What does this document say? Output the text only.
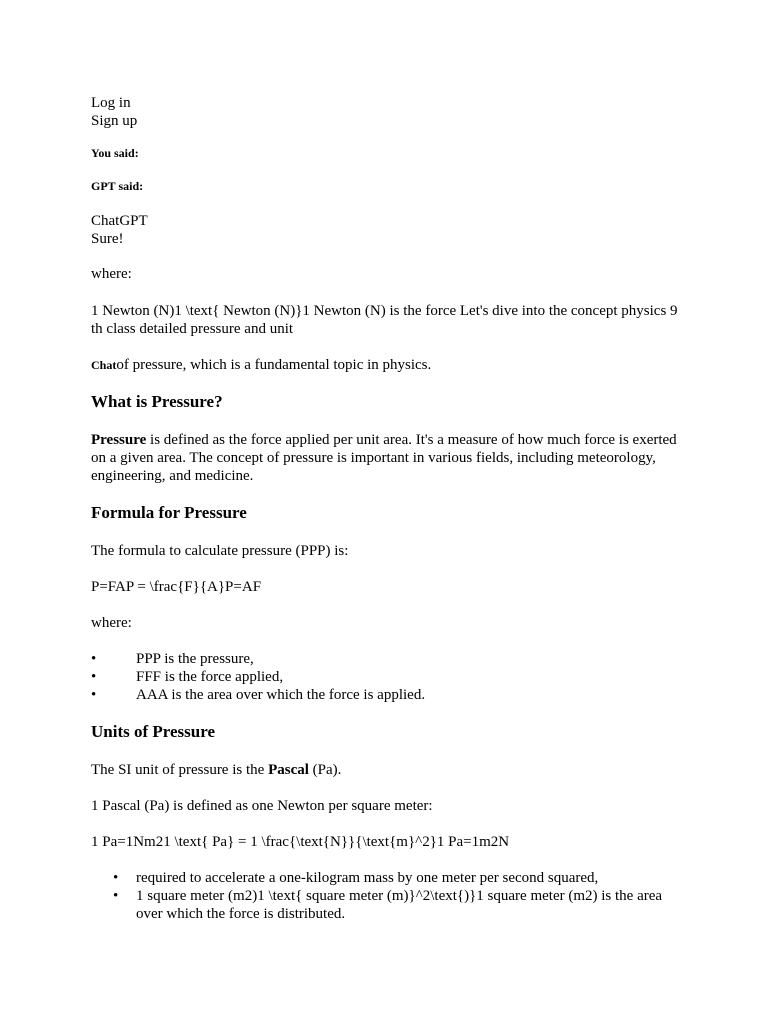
Log in
Sign up
You said:
GPT said:
ChatGPT
Sure!

where:

1 Newton (N)1 \text{ Newton (N)}1 Newton (N) is the force Let's dive into the concept physics 9 th class detailed pressure and unit

Chatof pressure, which is a fundamental topic in physics.

What is Pressure?

Pressure is defined as the force applied per unit area. It's a measure of how much force is exerted on a given area. The concept of pressure is important in various fields, including meteorology, engineering, and medicine.

Formula for Pressure

The formula to calculate pressure (PPP) is:

P=FAP = \frac{F}{A}P=AF

where:

•	PPP is the pressure,
•	FFF is the force applied,
•	AAA is the area over which the force is applied.
Units of Pressure

The SI unit of pressure is the Pascal (Pa).

1 Pascal (Pa) is defined as one Newton per square meter:

1 Pa=1Nm21 \text{ Pa} = 1 \frac{\text{N}}{\text{m}^2}1 Pa=1m2N

• required to accelerate a one-kilogram mass by one meter per second squared,
• 1 square meter (m2)1 \text{ square meter (m)}^2\text{)}1 square meter (m2) is the area over which the force is distributed.
